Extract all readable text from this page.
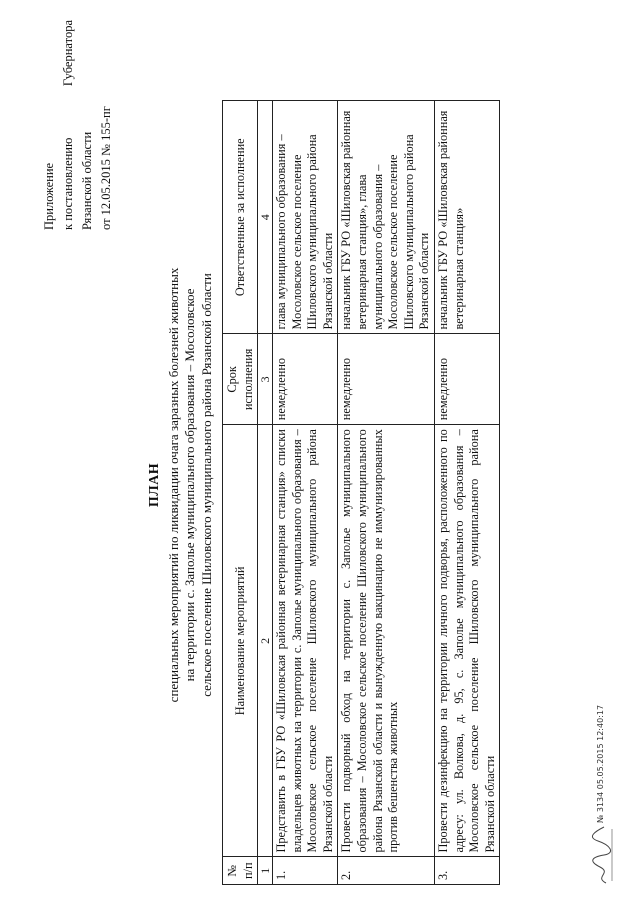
Приложение к постановлению
Губернатора
Рязанской области от 12.05.2015 № 155-пг
ПЛАН специальных мероприятий по ликвидации очага заразных болезней животных на территории с. Заполье муниципального образования – Мосоловское сельское поселение Шиловского муниципального района Рязанской области
№ п/п	Наименование мероприятий	Срок исполнения	Ответственные за исполнение
1	2	3	4
1.	Представить в ГБУ РО «Шиловская районная ветеринарная станция» списки владельцев животных на территории с. Заполье муниципального образования – Мосоловское сельское поселение Шиловского муниципального района Рязанской области	немедленно	глава муниципального образования – Мосоловское сельское поселение Шиловского муниципального района Рязанской области
2.	Провести подворный обход на территории с. Заполье муниципального образования – Мосоловское сельское поселение Шиловского муниципального района Рязанской области и вынужденную вакцинацию не иммунизированных против бешенства животных	немедленно	начальник ГБУ РО «Шиловская районная ветеринарная станция», глава муниципального образования – Мосоловское сельское поселение Шиловского муниципального района Рязанской области
3.	Провести дезинфекцию на территории личного подворья, расположенного по адресу: ул. Волкова, д. 95, с. Заполье муниципального образования – Мосоловское сельское поселение Шиловского муниципального района Рязанской области	немедленно	начальник ГБУ РО «Шиловская районная ветеринарная станция»
№ 3134 05.05.2015 12:40:17
